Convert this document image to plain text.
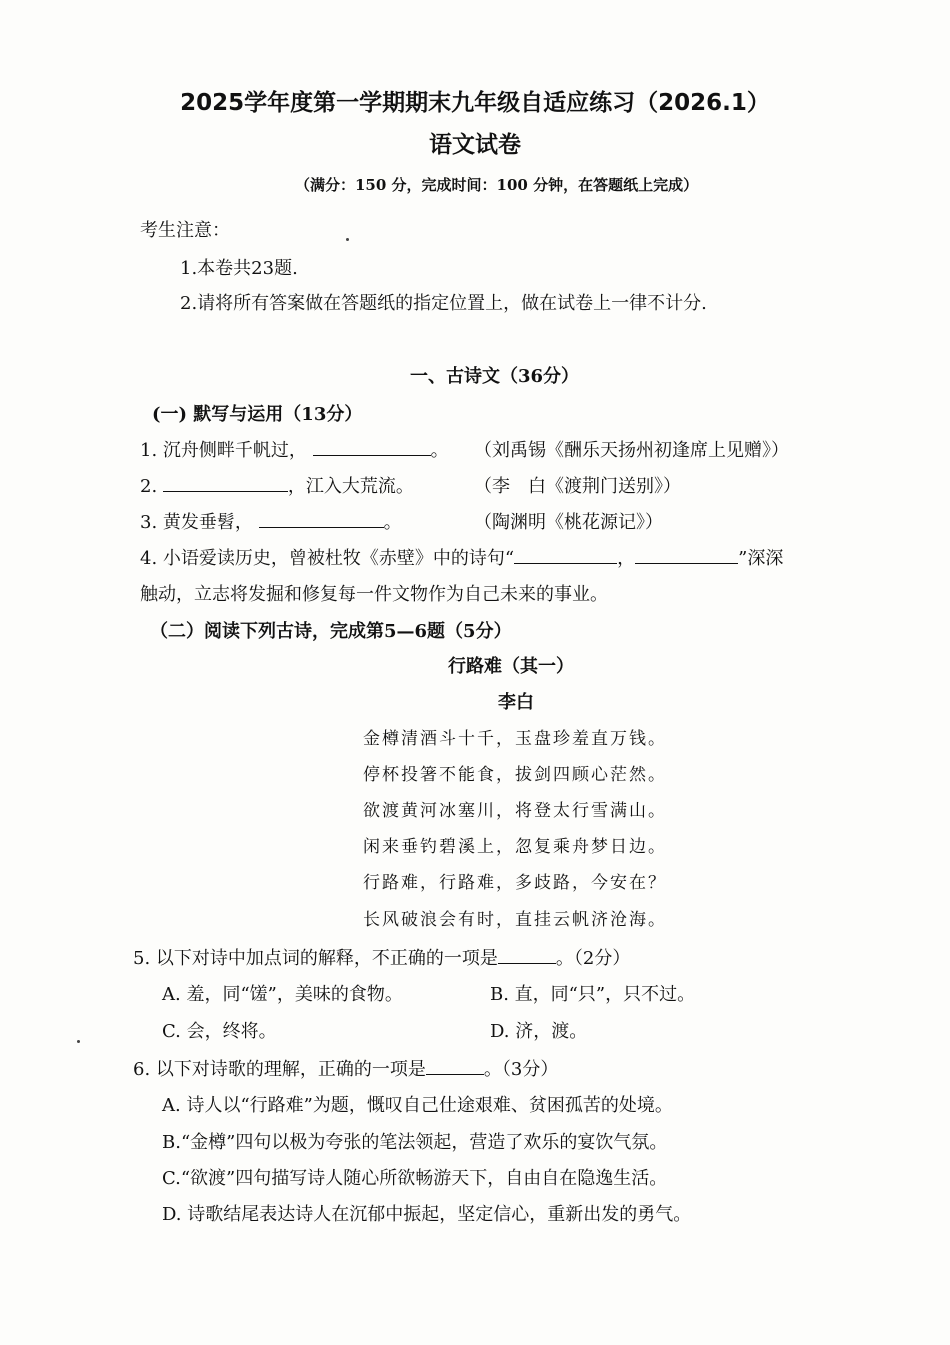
2025学年度第一学期期末九年级自适应练习（2026.1）
语文试卷
（满分：150 分，完成时间：100 分钟，在答题纸上完成）
考生注意：
1.本卷共23题.
2.请将所有答案做在答题纸的指定位置上，做在试卷上一律不计分.
一、古诗文（36分）
(一) 默写与运用（13分）
1. 沉舟侧畔千帆过，	。 （刘禹锡《酬乐天扬州初逢席上见赠》）
2.	，江入大荒流。	（李　白《渡荆门送别》）
3. 黄发垂髫，	。	（陶渊明《桃花源记》）
4. 小语爱读历史，曾被杜牧《赤壁》中的诗句“	，	”深深
触动，立志将发掘和修复每一件文物作为自己未来的事业。
（二）阅读下列古诗，完成第5—6题（5分）
行路难（其一）
李白
金樽清酒斗十千，玉盘珍羞直万钱。
停杯投箸不能食，拔剑四顾心茫然。
欲渡黄河冰塞川，将登太行雪满山。
闲来垂钓碧溪上，忽复乘舟梦日边。
行路难，行路难，多歧路，今安在？
长风破浪会有时，直挂云帆济沧海。
5. 以下对诗中加点词的解释，不正确的一项是	。（2分）
A. 羞，同“馐”，美味的食物。	B. 直，同“只”，只不过。
C. 会，终将。	D. 济，渡。
6. 以下对诗歌的理解，正确的一项是	。（3分）
A. 诗人以“行路难”为题，慨叹自己仕途艰难、贫困孤苦的处境。
B.“金樽”四句以极为夸张的笔法领起，营造了欢乐的宴饮气氛。
C.“欲渡”四句描写诗人随心所欲畅游天下，自由自在隐逸生活。
D. 诗歌结尾表达诗人在沉郁中振起，坚定信心，重新出发的勇气。
